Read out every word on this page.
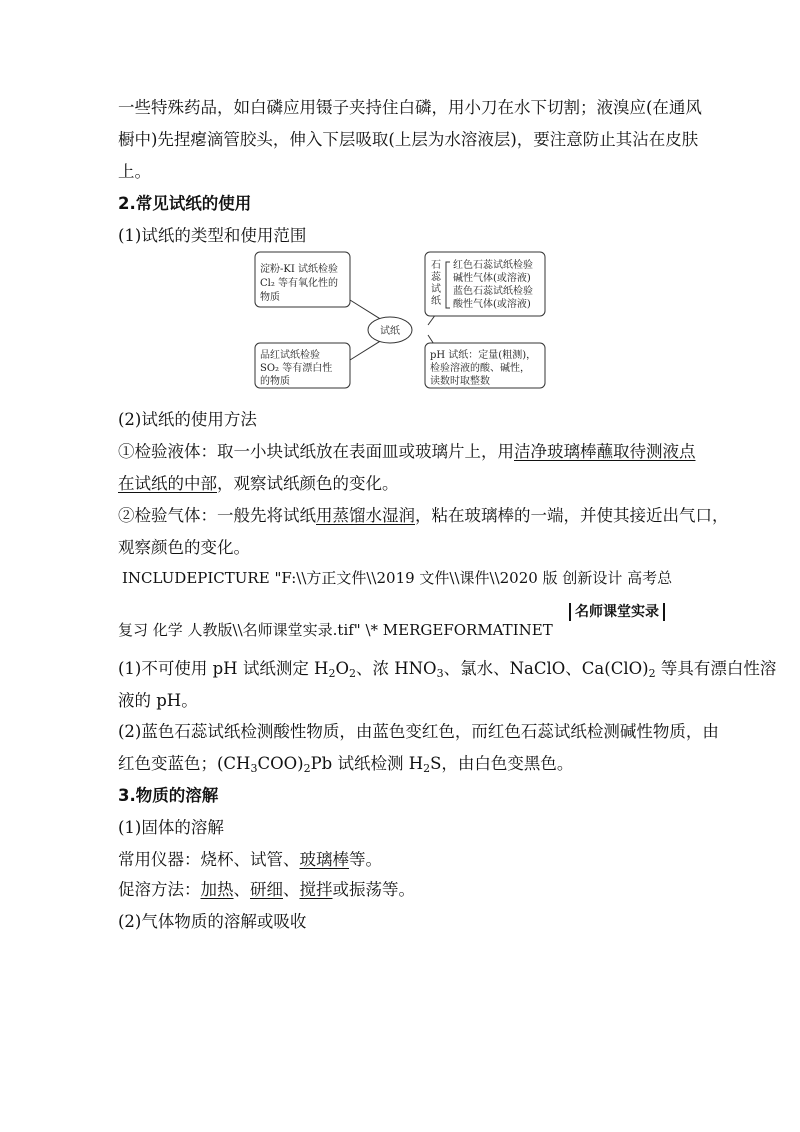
一些特殊药品，如白磷应用镊子夹持住白磷，用小刀在水下切割；液溴应(在通风
橱中)先捏瘪滴管胶头，伸入下层吸取(上层为水溶液层)，要注意防止其沾在皮肤
上。
2.常见试纸的使用
(1)试纸的类型和使用范围
试纸
淀粉-KI 试纸检验
Cl₂ 等有氧化性的
物质
品红试纸检验
SO₂ 等有漂白性
的物质
石
蕊
试
纸
红色石蕊试纸检验
碱性气体(或溶液)
蓝色石蕊试纸检验
酸性气体(或溶液)
pH 试纸：定量(粗测)，
检验溶液的酸、碱性，
读数时取整数
(2)试纸的使用方法
①检验液体：取一小块试纸放在表面皿或玻璃片上，用洁净玻璃棒蘸取待测液点
在试纸的中部，观察试纸颜色的变化。
②检验气体：一般先将试纸用蒸馏水湿润，粘在玻璃棒的一端，并使其接近出气口，
观察颜色的变化。
INCLUDEPICTURE "F:\\方正文件\\2019 文件\\课件\\2020 版 创新设计 高考总
复习 化学 人教版\\名师课堂实录.tif" \* MERGEFORMATINET
名师课堂实录
(1)不可使用 pH 试纸测定 $H_2O_2$、浓 $HNO_3$、氯水、NaClO、$Ca(ClO)_2$ 等具有漂白性溶
液的 pH。
(2)蓝色石蕊试纸检测酸性物质，由蓝色变红色，而红色石蕊试纸检测碱性物质，由
红色变蓝色；$(CH_3COO)_2Pb$ 试纸检测 $H_2S$，由白色变黑色。
3.物质的溶解
(1)固体的溶解
常用仪器：烧杯、试管、玻璃棒等。
促溶方法：加热、研细、搅拌或振荡等。
(2)气体物质的溶解或吸收
